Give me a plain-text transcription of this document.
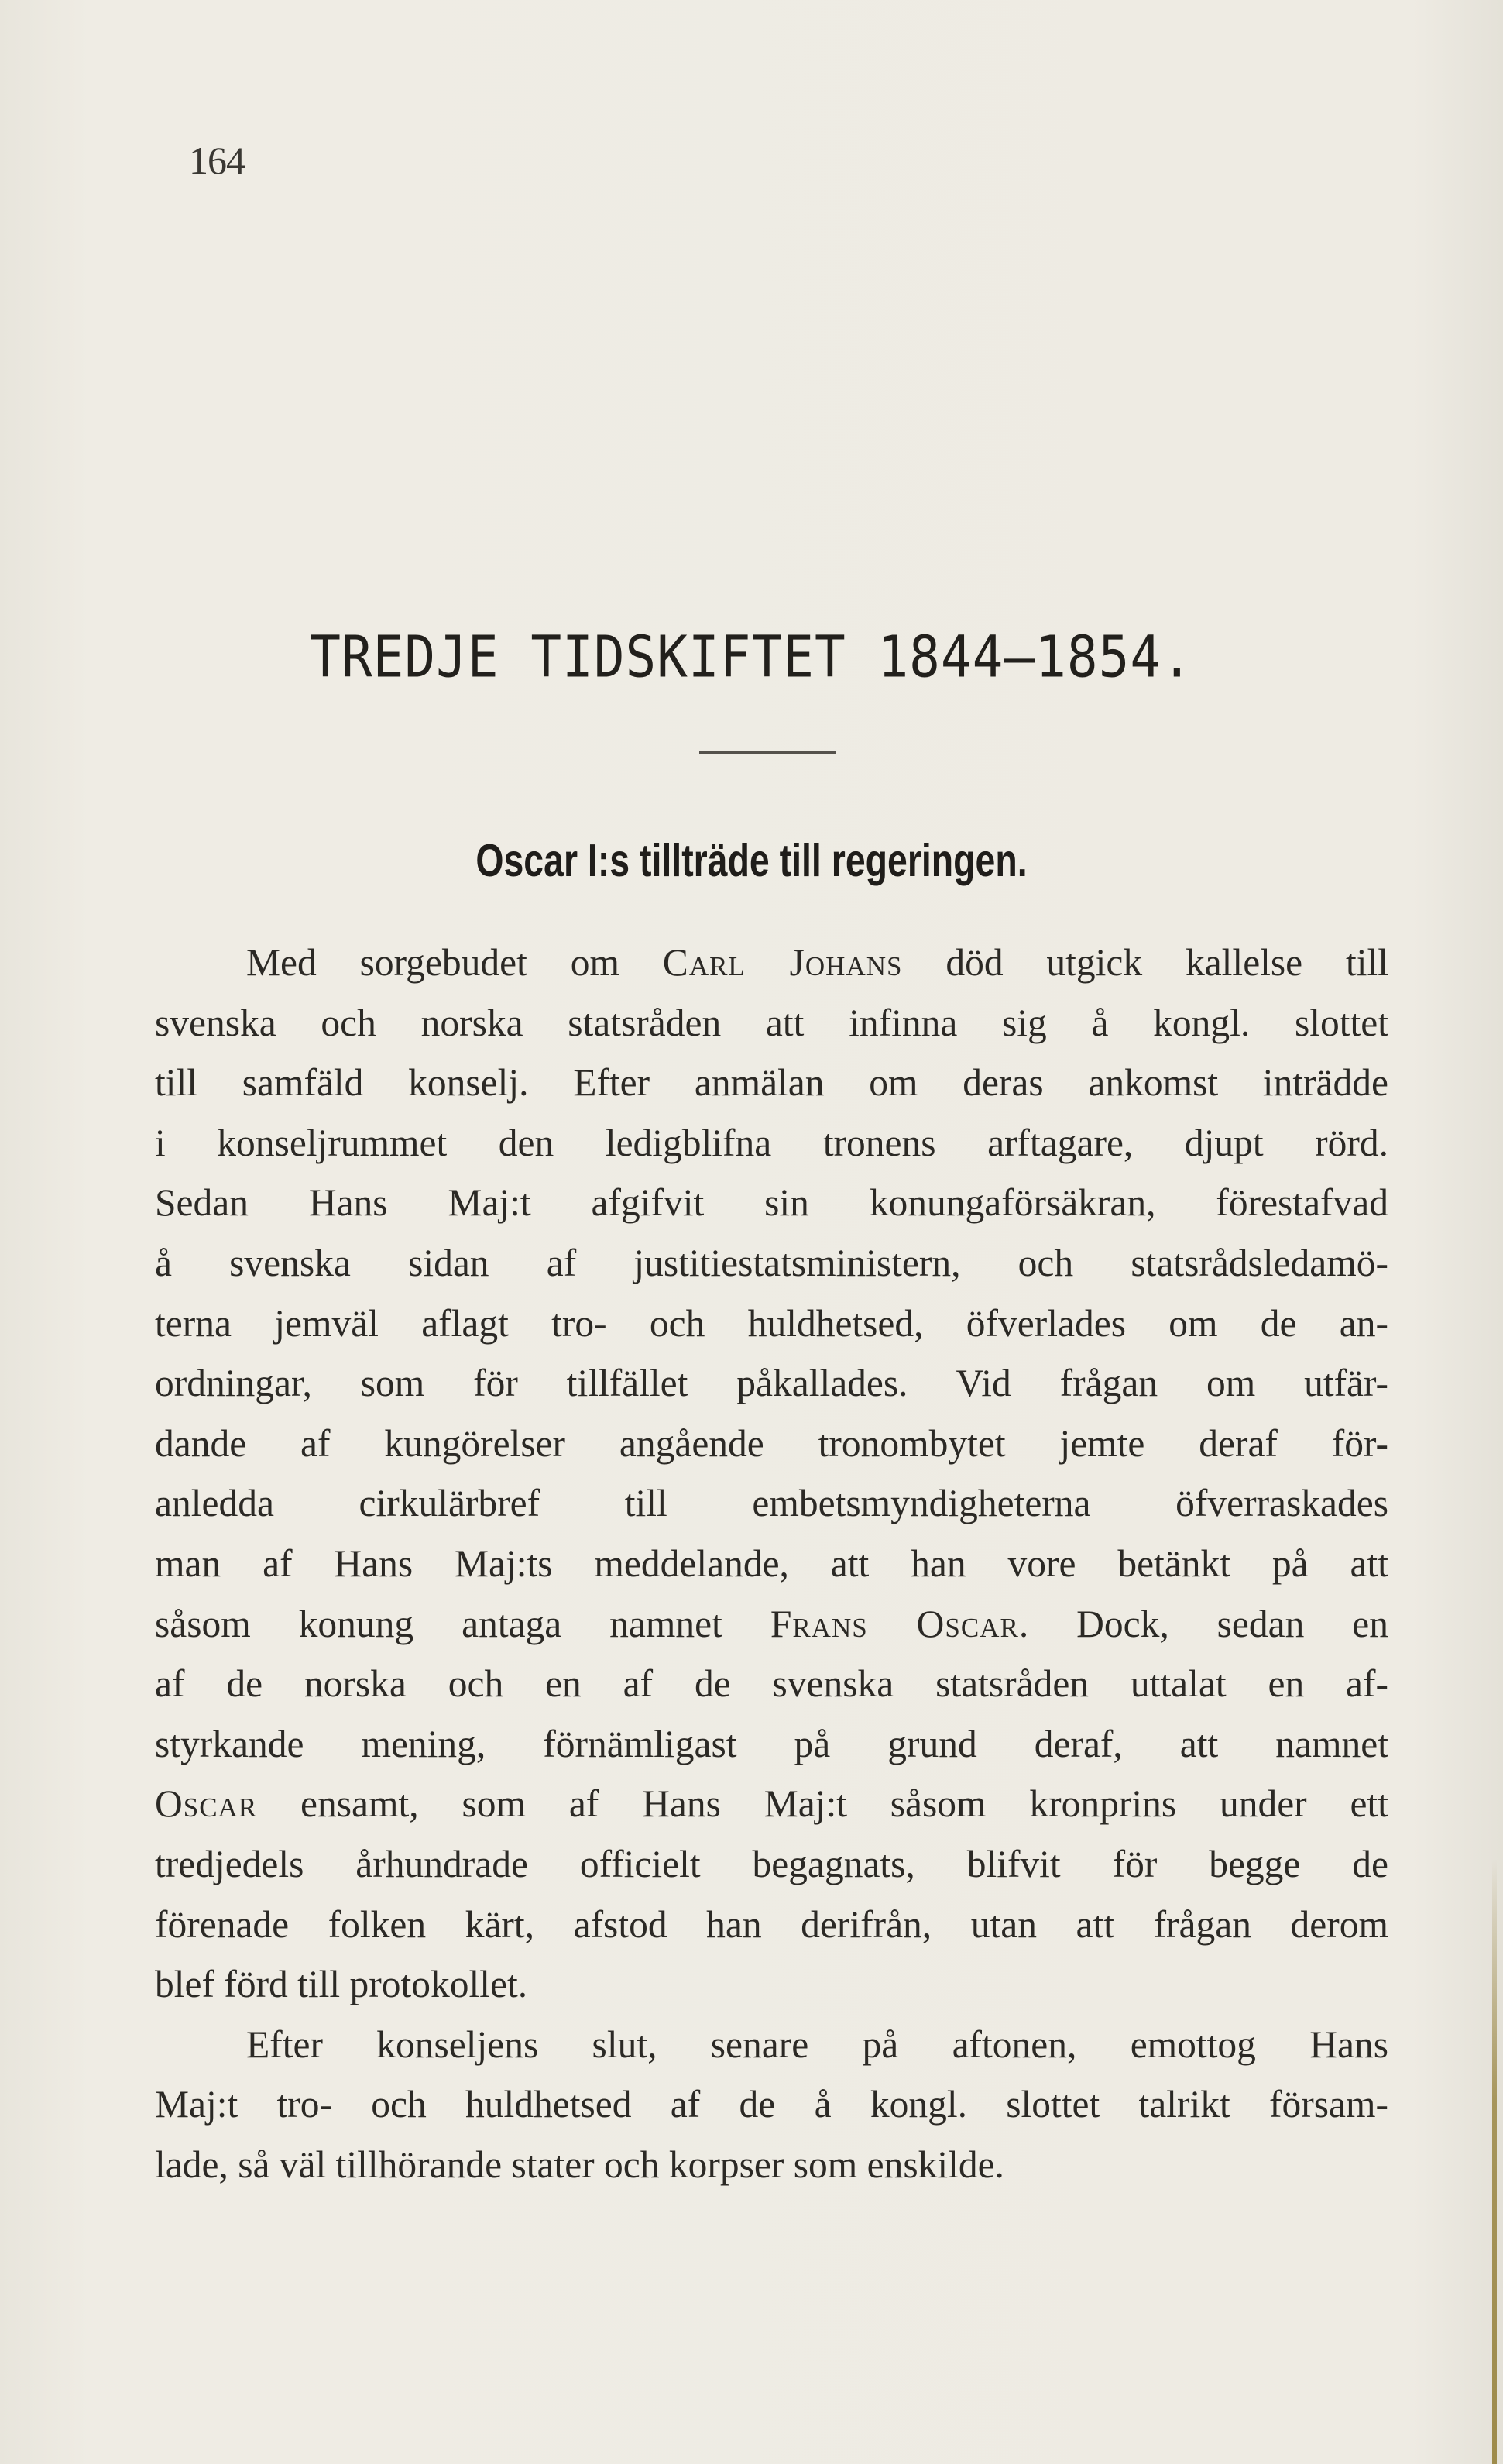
164
TREDJE TIDSKIFTET 1844—1854.
Oscar I:s tillträde till regeringen.
Med sorgebudet om Carl Johans död utgick kallelse till
svenska och norska statsråden att infinna sig å kongl. slottet
till samfäld konselj. Efter anmälan om deras ankomst inträdde
i konseljrummet den ledigblifna tronens arftagare, djupt rörd.
Sedan Hans Maj:t afgifvit sin konungaförsäkran, förestafvad
å svenska sidan af justitiestatsministern, och statsrådsledamö-
terna jemväl aflagt tro- och huldhetsed, öfverlades om de an-
ordningar, som för tillfället påkallades. Vid frågan om utfär-
dande af kungörelser angående tronombytet jemte deraf för-
anledda cirkulärbref till embetsmyndigheterna öfverraskades
man af Hans Maj:ts meddelande, att han vore betänkt på att
såsom konung antaga namnet Frans Oscar. Dock, sedan en
af de norska och en af de svenska statsråden uttalat en af-
styrkande mening, förnämligast på grund deraf, att namnet
Oscar ensamt, som af Hans Maj:t såsom kronprins under ett
tredjedels århundrade officielt begagnats, blifvit för begge de
förenade folken kärt, afstod han derifrån, utan att frågan derom
blef förd till protokollet.
Efter konseljens slut, senare på aftonen, emottog Hans
Maj:t tro- och huldhetsed af de å kongl. slottet talrikt försam-
lade, så väl tillhörande stater och korpser som enskilde.
